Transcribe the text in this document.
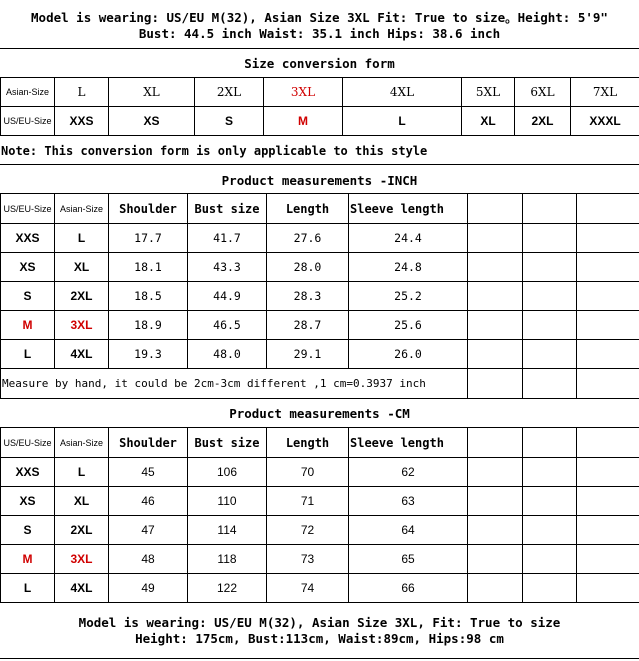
Model is wearing: US/EU M(32), Asian Size 3XL Fit: True to size。Height: 5'9"
Bust: 44.5 inch Waist: 35.1 inch Hips: 38.6 inch
Size conversion form
Asian-Size	L	XL	2XL	3XL	4XL	5XL	6XL	7XL
US/EU-Size	XXS	XS	S	M	L	XL	2XL	XXXL
Note: This conversion form is only applicable to this style
Product measurements -INCH
US/EU-Size	Asian-Size	Shoulder	Bust size	Length	Sleeve length			
XXS	L	17.7	41.7	27.6	24.4			
XS	XL	18.1	43.3	28.0	24.8			
S	2XL	18.5	44.9	28.3	25.2			
M	3XL	18.9	46.5	28.7	25.6			
L	4XL	19.3	48.0	29.1	26.0			
Measure by hand, it could be 2cm-3cm different ,1 cm=0.3937 inch								
Product measurements -CM
US/EU-Size	Asian-Size	Shoulder	Bust size	Length	Sleeve length			
XXS	L	45	106	70	62			
XS	XL	46	110	71	63			
S	2XL	47	114	72	64			
M	3XL	48	118	73	65			
L	4XL	49	122	74	66			
Model is wearing: US/EU M(32), Asian Size 3XL, Fit: True to size
Height: 175cm, Bust:113cm, Waist:89cm, Hips:98 cm
